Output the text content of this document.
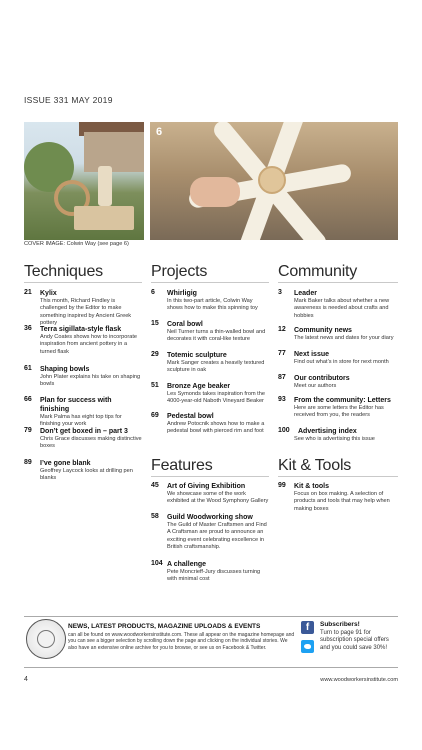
ISSUE 331 MAY 2019
6
COVER IMAGE: Colwin Way (see page 6)
Techniques	Projects	Community
Features	Kit & Tools
21 Kylix
This month, Richard Findley is challenged by the Editor to make something inspired by Ancient Greek pottery
36 Terra sigillata-style flask
Andy Coates shows how to incorporate inspiration from ancient pottery in a turned flask
61 Shaping bowls
John Plater explains his take on shaping bowls
66 Plan for success with finishing
Mark Palma has eight top tips for finishing your work
79 Don’t get boxed in – part 3
Chris Grace discusses making distinctive boxes
89 I’ve gone blank
Geoffrey Laycock looks at drilling pen blanks
6 Whirligig
In this two-part article, Colwin Way shows how to make this spinning toy
15 Coral bowl
Neil Turner turns a thin-walled bowl and decorates it with coral-like texture
29 Totemic sculpture
Mark Sanger creates a heavily textured sculpture in oak
51 Bronze Age beaker
Les Symonds takes inspiration from the 4000-year-old Naboth Vineyard Beaker
69 Pedestal bowl
Andrew Potocnik shows how to make a pedestal bowl with pierced rim and foot
45 Art of Giving Exhibition
We showcase some of the work exhibited at the Wood Symphony Gallery
58 Guild Woodworking show
The Guild of Master Craftsmen and Find A Craftsman are proud to announce an exciting event celebrating excellence in British craftsmanship.
104 A challenge
Pete Moncrieff-Jury discusses turning with minimal cost
3 Leader
Mark Baker talks about whether a new awareness is needed about crafts and hobbies
12 Community news
The latest news and dates for your diary
77 Next issue
Find out what’s in store for next month
87 Our contributors
Meet our authors
93 From the community: Letters
Here are some letters the Editor has received from you, the readers
100 Advertising index
See who is advertising this issue
99 Kit & tools
Focus on box making. A selection of products and tools that may help when making boxes
NEWS, LATEST PRODUCTS, MAGAZINE UPLOADS & EVENTS
can all be found on www.woodworkersinstitute.com. These all appear on the magazine homepage and you can see a bigger selection by scrolling down the page and clicking on the individual stories. We also have an extensive online archive for you to browse, or see us on Facebook & Twitter.
f	Subscribers!
Turn to page 91 for subscription special offers and you could save 30%!
4	www.woodworkersinstitute.com
